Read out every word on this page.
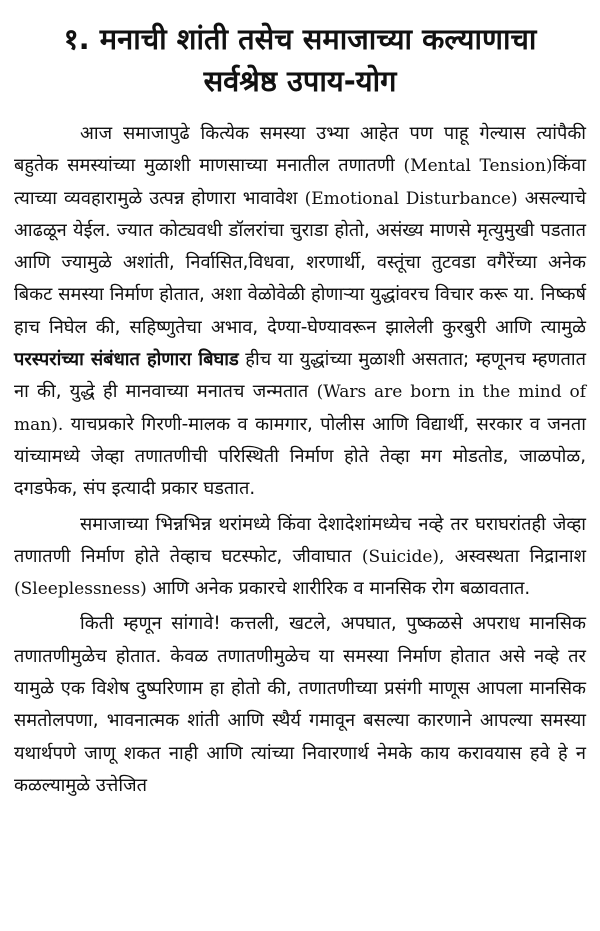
१. मनाची शांती तसेच समाजाच्या कल्याणाचा
सर्वश्रेष्ठ उपाय-योग

आज समाजापुढे कित्येक समस्या उभ्या आहेत पण पाहू गेल्यास त्यांपैकी बहुतेक समस्यांच्या मुळाशी माणसाच्या मनातील तणातणी (Mental Tension)किंवा त्याच्या व्यवहारामुळे उत्पन्न होणारा भावावेश (Emotional Disturbance) असल्याचे आढळून येईल. ज्यात कोट्यवधी डॉलरांचा चुराडा होतो, असंख्य माणसे मृत्युमुखी पडतात आणि ज्यामुळे अशांती, निर्वासित,विधवा, शरणार्थी, वस्तूंचा तुटवडा वगैरेंच्या अनेक बिकट समस्या निर्माण होतात, अशा वेळोवेळी होणाऱ्या युद्धांवरच विचार करू या. निष्कर्ष हाच निघेल की, सहिष्णुतेचा अभाव, देण्या-घेण्यावरून झालेली कुरबुरी आणि त्यामुळे परस्परांच्या संबंधात होणारा बिघाड हीच या युद्धांच्या मुळाशी असतात; म्हणूनच म्हणतात ना की, युद्धे ही मानवाच्या मनातच जन्मतात (Wars are born in the mind of man). याचप्रकारे गिरणी-मालक व कामगार, पोलीस आणि विद्यार्थी, सरकार व जनता यांच्यामध्ये जेव्हा तणातणीची परिस्थिती निर्माण होते तेव्हा मग मोडतोड, जाळपोळ, दगडफेक, संप इत्यादी प्रकार घडतात.

समाजाच्या भिन्नभिन्न थरांमध्ये किंवा देशादेशांमध्येच नव्हे तर घराघरांतही जेव्हा तणातणी निर्माण होते तेव्हाच घटस्फोट, जीवाघात (Suicide), अस्वस्थता निद्रानाश (Sleeplessness) आणि अनेक प्रकारचे शारीरिक व मानसिक रोग बळावतात.

किती म्हणून सांगावे! कत्तली, खटले, अपघात, पुष्कळसे अपराध मानसिक तणातणीमुळेच होतात. केवळ तणातणीमुळेच या समस्या निर्माण होतात असे नव्हे तर यामुळे एक विशेष दुष्परिणाम हा होतो की, तणातणीच्या प्रसंगी माणूस आपला मानसिक समतोलपणा, भावनात्मक शांती आणि स्थैर्य गमावून बसल्या कारणाने आपल्या समस्या यथार्थपणे जाणू शकत नाही आणि त्यांच्या निवारणार्थ नेमके काय करावयास हवे हे न कळल्यामुळे उत्तेजित
